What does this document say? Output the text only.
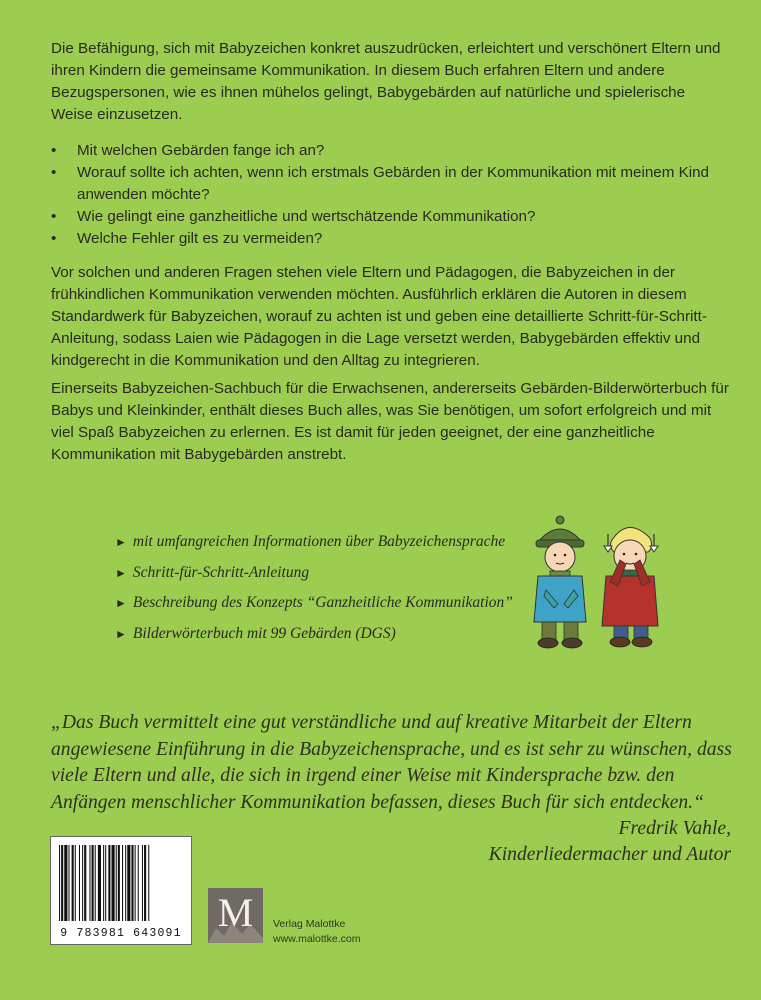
Die Befähigung, sich mit Babyzeichen konkret auszudrücken, erleichtert und verschönert Eltern und ihren Kindern die gemeinsame Kommunikation. In diesem Buch erfahren Eltern und andere Bezugspersonen, wie es ihnen mühelos gelingt, Babygebärden auf natürliche und spielerische Weise einzusetzen.

• Mit welchen Gebärden fange ich an?
• Worauf sollte ich achten, wenn ich erstmals Gebärden in der Kommunikation mit meinem Kind anwenden möchte?
• Wie gelingt eine ganzheitliche und wertschätzende Kommunikation?
• Welche Fehler gilt es zu vermeiden?

Vor solchen und anderen Fragen stehen viele Eltern und Pädagogen, die Babyzeichen in der frühkindlichen Kommunikation verwenden möchten. Ausführlich erklären die Autoren in diesem Standardwerk für Babyzeichen, worauf zu achten ist und geben eine detaillierte Schritt-für-Schritt-Anleitung, sodass Laien wie Pädagogen in die Lage versetzt werden, Babygebärden effektiv und kindgerecht in die Kommunikation und den Alltag zu integrieren.

Einerseits Babyzeichen-Sachbuch für die Erwachsenen, andererseits Gebärden-Bilderwörterbuch für Babys und Kleinkinder, enthält dieses Buch alles, was Sie benötigen, um sofort erfolgreich und mit viel Spaß Babyzeichen zu erlernen. Es ist damit für jeden geeignet, der eine ganzheitliche Kommunikation mit Babygebärden anstrebt.

► mit umfangreichen Informationen über Babyzeichensprache
► Schritt-für-Schritt-Anleitung
► Beschreibung des Konzepts “Ganzheitliche Kommunikation”
► Bilderwörterbuch mit 99 Gebärden (DGS)

„Das Buch vermittelt eine gut verständliche und auf kreative Mitarbeit der Eltern angewiesene Einführung in die Babyzeichensprache, und es ist sehr zu wünschen, dass viele Eltern und alle, die sich in irgend einer Weise mit Kindersprache bzw. den Anfängen menschlicher Kommunikation befassen, dieses Buch für sich entdecken.“

Fredrik Vahle,
Kinderliedermacher und Autor
9 783981 643091 M Verlag Malottke
www.malottke.com
